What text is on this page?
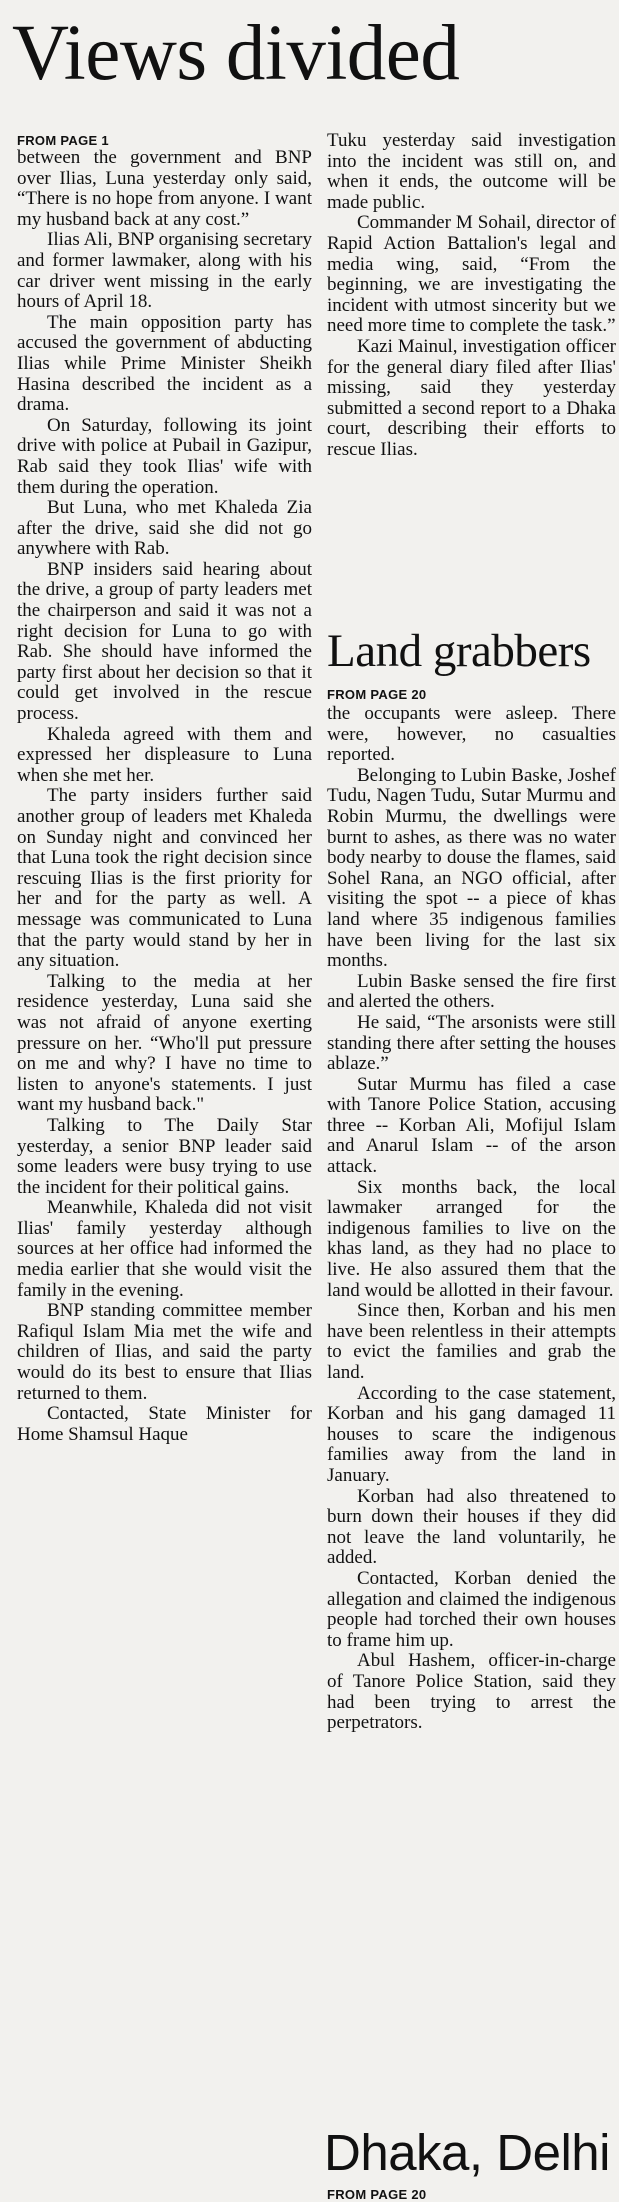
Views divided
FROM PAGE 1

between the government and BNP over Ilias, Luna yesterday only said, “There is no hope from anyone. I want my husband back at any cost.”

Ilias Ali, BNP organising secretary and former lawmaker, along with his car driver went missing in the early hours of April 18.

The main opposition party has accused the government of abducting Ilias while Prime Minister Sheikh Hasina described the incident as a drama.

On Saturday, following its joint drive with police at Pubail in Gazipur, Rab said they took Ilias' wife with them during the operation.

But Luna, who met Khaleda Zia after the drive, said she did not go anywhere with Rab.

BNP insiders said hearing about the drive, a group of party leaders met the chairperson and said it was not a right decision for Luna to go with Rab. She should have informed the party first about her decision so that it could get involved in the rescue process.

Khaleda agreed with them and expressed her displeasure to Luna when she met her.

The party insiders further said another group of leaders met Khaleda on Sunday night and convinced her that Luna took the right decision since rescuing Ilias is the first priority for her and for the party as well. A message was communicated to Luna that the party would stand by her in any situation.

Talking to the media at her residence yesterday, Luna said she was not afraid of anyone exerting pressure on her. “Who'll put pressure on me and why? I have no time to listen to anyone's statements. I just want my husband back."

Talking to The Daily Star yesterday, a senior BNP leader said some leaders were busy trying to use the incident for their political gains.

Meanwhile, Khaleda did not visit Ilias' family yesterday although sources at her office had informed the media earlier that she would visit the family in the evening.

BNP standing committee member Rafiqul Islam Mia met the wife and children of Ilias, and said the party would do its best to ensure that Ilias returned to them.

Contacted, State Minister for Home Shamsul Haque

Tuku yesterday said investigation into the incident was still on, and when it ends, the outcome will be made public.

Commander M Sohail, director of Rapid Action Battalion's legal and media wing, said, “From the beginning, we are investigating the incident with utmost sincerity but we need more time to complete the task.”

Kazi Mainul, investigation officer for the general diary filed after Ilias' missing, said they yesterday submitted a second report to a Dhaka court, describing their efforts to rescue Ilias.

Land grabbers
FROM PAGE 20

the occupants were asleep. There were, however, no casualties reported.

Belonging to Lubin Baske, Joshef Tudu, Nagen Tudu, Sutar Murmu and Robin Murmu, the dwellings were burnt to ashes, as there was no water body nearby to douse the flames, said Sohel Rana, an NGO official, after visiting the spot -- a piece of khas land where 35 indigenous families have been living for the last six months.

Lubin Baske sensed the fire first and alerted the others.

He said, “The arsonists were still standing there after setting the houses ablaze.”

Sutar Murmu has filed a case with Tanore Police Station, accusing three -- Korban Ali, Mofijul Islam and Anarul Islam -- of the arson attack.

Six months back, the local lawmaker arranged for the indigenous families to live on the khas land, as they had no place to live. He also assured them that the land would be allotted in their favour.

Since then, Korban and his men have been relentless in their attempts to evict the families and grab the land.

According to the case statement, Korban and his gang damaged 11 houses to scare the indigenous families away from the land in January.

Korban had also threatened to burn down their houses if they did not leave the land voluntarily, he added.

Contacted, Korban denied the allegation and claimed the indigenous people had torched their own houses to frame him up.

Abul Hashem, officer-in-charge of Tanore Police Station, said they had been trying to arrest the perpetrators.

Dhaka, Delhi
FROM PAGE 20
